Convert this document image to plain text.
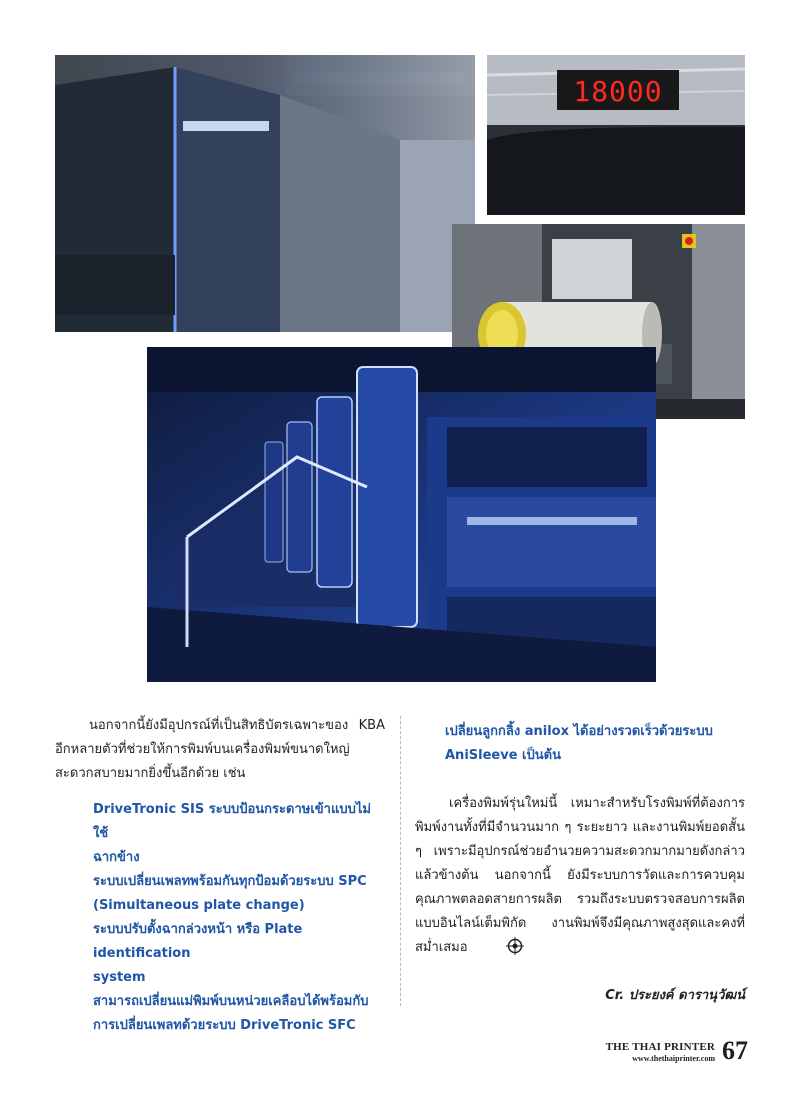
18000

นอกจากนี้ยังมีอุปกรณ์ที่เป็นสิทธิบัตรเฉพาะของ KBA อีกหลายตัวที่ช่วยให้การพิมพ์บนเครื่องพิมพ์ขนาดใหญ่สะดวกสบายมากยิ่งขึ้นอีกด้วย เช่น

DriveTronic SIS ระบบป้อนกระดาษเข้าแบบไม่ใช้
ฉากข้าง
ระบบเปลี่ยนเพลทพร้อมกันทุกป้อมด้วยระบบ SPC
(Simultaneous plate change)
ระบบปรับตั้งฉากล่วงหน้า หรือ Plate identification
system
สามารถเปลี่ยนแม่พิมพ์บนหน่วยเคลือบได้พร้อมกับ
การเปลี่ยนเพลทด้วยระบบ DriveTronic SFC
เปลี่ยนลูกกลิ้ง anilox ได้อย่างรวดเร็วด้วยระบบ
AniSleeve เป็นต้น

เครื่องพิมพ์รุ่นใหม่นี้ เหมาะสำหรับโรงพิมพ์ที่ต้องการพิมพ์งานทั้งที่มีจำนวนมาก ๆ ระยะยาว และงานพิมพ์ยอดสั้น ๆ เพราะมีอุปกรณ์ช่วยอำนวยความสะดวกมากมายดังกล่าวแล้วข้างต้น นอกจากนี้ ยังมีระบบการวัดและการควบคุมคุณภาพตลอดสายการผลิต รวมถึงระบบตรวจสอบการผลิตแบบอินไลน์เต็มพิกัด งานพิมพ์จึงมีคุณภาพสูงสุดและคงที่สม่ำเสมอ

Cr. ประยงค์ ดารานุวัฒน์
THE THAI PRINTER
www.thethaiprinter.com 67
